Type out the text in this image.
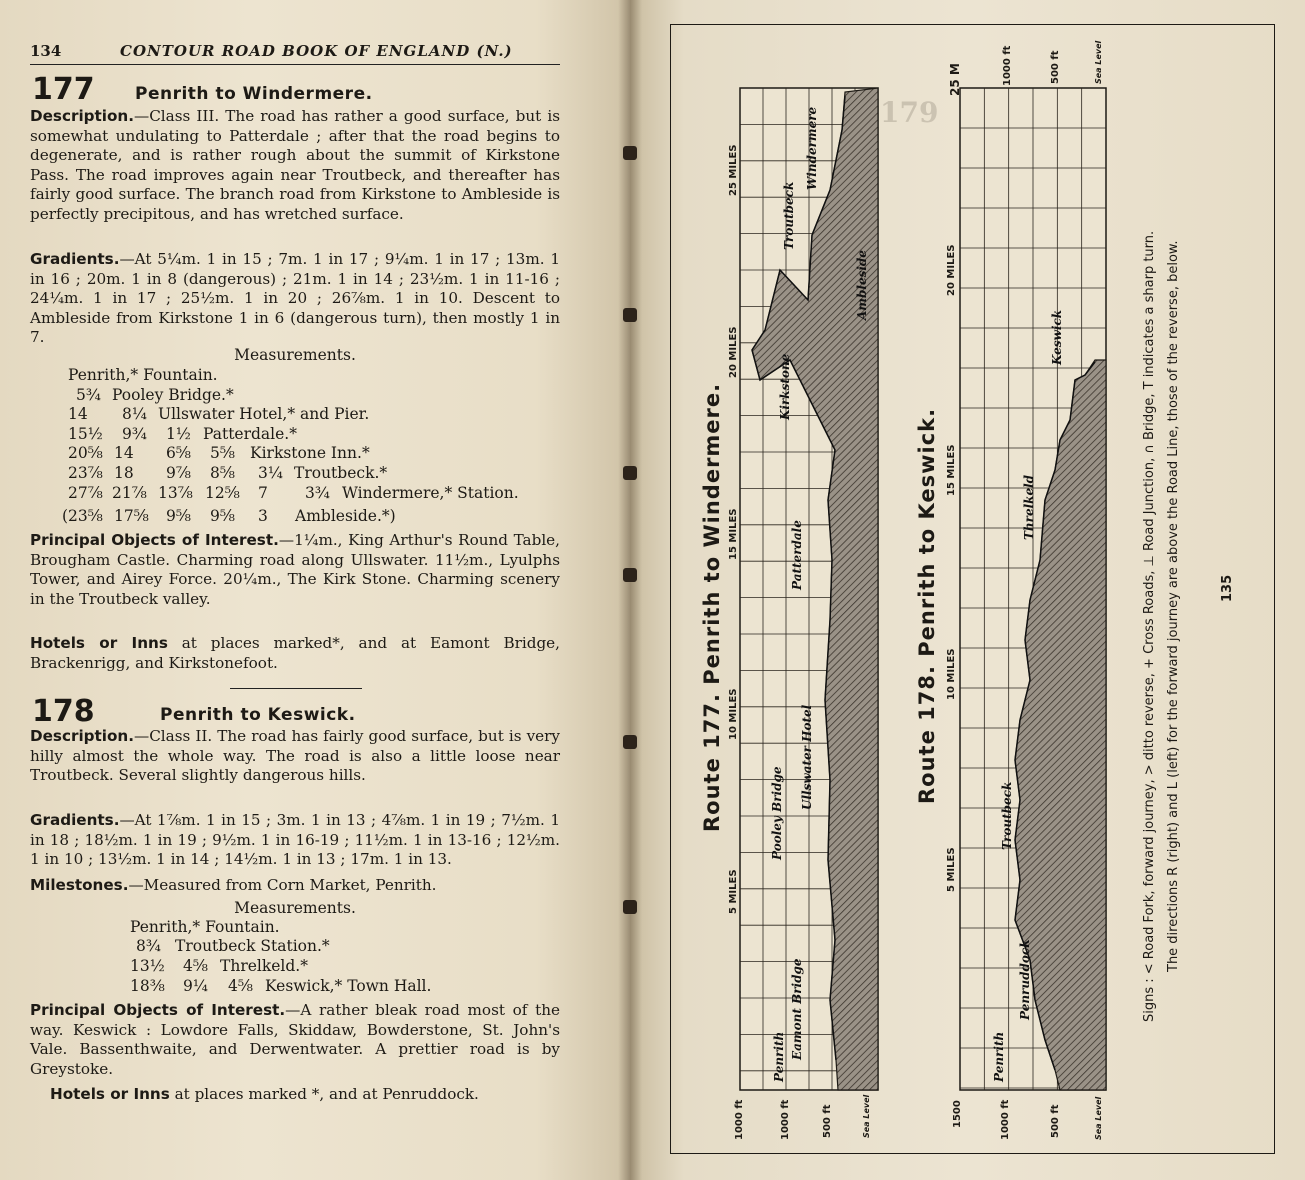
134	CONTOUR ROAD BOOK OF ENGLAND (N.)
177 Penrith to Windermere.
Description.—Class III. The road has rather a good surface, but is somewhat undulating to Patterdale ; after that the road begins to degenerate, and is rather rough about the summit of Kirkstone Pass. The road improves again near Troutbeck, and thereafter has fairly good surface. The branch road from Kirkstone to Ambleside is perfectly precipitous, and has wretched surface.
Gradients.—At 5¼m. 1 in 15 ; 7m. 1 in 17 ; 9¼m. 1 in 17 ; 13m. 1 in 16 ; 20m. 1 in 8 (dangerous) ; 21m. 1 in 14 ; 23½m. 1 in 11-16 ; 24¼m. 1 in 17 ; 25½m. 1 in 20 ; 26⅞m. 1 in 10. Descent to Ambleside from Kirkstone 1 in 6 (dangerous turn), then mostly 1 in 7.
Measurements.
Penrith,* Fountain.
5¾ Pooley Bridge.*
14 8¼ Ullswater Hotel,* and Pier.
15½ 9¾ 1½ Patterdale.*
20⅝ 14 6⅝ 5⅝ Kirkstone Inn.*
23⅞ 18 9⅞ 8⅝ 3¼ Troutbeck.*
27⅞ 21⅞ 13⅞ 12⅝ 7 3¾ Windermere,* Station.
(23⅝ 17⅝ 9⅝ 9⅝ 3 Ambleside.*)
Principal Objects of Interest.—1¼m., King Arthur's Round Table, Brougham Castle. Charming road along Ullswater. 11½m., Lyulphs Tower, and Airey Force. 20¼m., The Kirk Stone. Charming scenery in the Troutbeck valley.
Hotels or Inns at places marked*, and at Eamont Bridge, Brackenrigg, and Kirkstonefoot.
178	Penrith to Keswick.
Description.—Class II. The road has fairly good surface, but is very hilly almost the whole way. The road is also a little loose near Troutbeck. Several slightly dangerous hills.
Gradients.—At 1⅞m. 1 in 15 ; 3m. 1 in 13 ; 4⅞m. 1 in 19 ; 7½m. 1 in 18 ; 18½m. 1 in 19 ; 9½m. 1 in 16-19 ; 11½m. 1 in 13-16 ; 12½m. 1 in 10 ; 13½m. 1 in 14 ; 14½m. 1 in 13 ; 17m. 1 in 13.
Milestones.—Measured from Corn Market, Penrith.
Measurements.
Penrith,* Fountain.
8¾ Troutbeck Station.*
13½ 4⅝ Threlkeld.*
18⅜ 9¼ 4⅝ Keswick,* Town Hall.
Principal Objects of Interest.—A rather bleak road most of the way. Keswick : Lowdore Falls, Skiddaw, Bowderstone, St. John's Vale. Bassenthwaite, and Derwentwater. A prettier road is by Greystoke.
Hotels or Inns at places marked *, and at Penruddock.
179
Route 177. Penrith to Windermere.	Route 178. Penrith to Keswick.	Signs : < Road Fork, forward journey, > ditto reverse, + Cross Roads, ⊥ Road Junction, ∩ Bridge, T indicates a sharp turn. The directions R (right) and L (left) for the forward journey are above the Road Line, those of the reverse, below.	135
25 MILES
20 MILES
15 MILES
10 MILES
5 MILES
20 MILES
15 MILES
10 MILES
5 MILES
25 M	1000 ft	500 ft	Sea Level
1000 ft	1000 ft	500 ft	Sea Level	1500	1000 ft	500 ft	Sea Level
Penrith Eamont Bridge
Pooley Bridge
Ullswater Hotel
Patterdale
Kirkstone
Troutbeck
Windermere
Ambleside
Penrith
Penruddock
Troutbeck
Threlkeld
Keswick
